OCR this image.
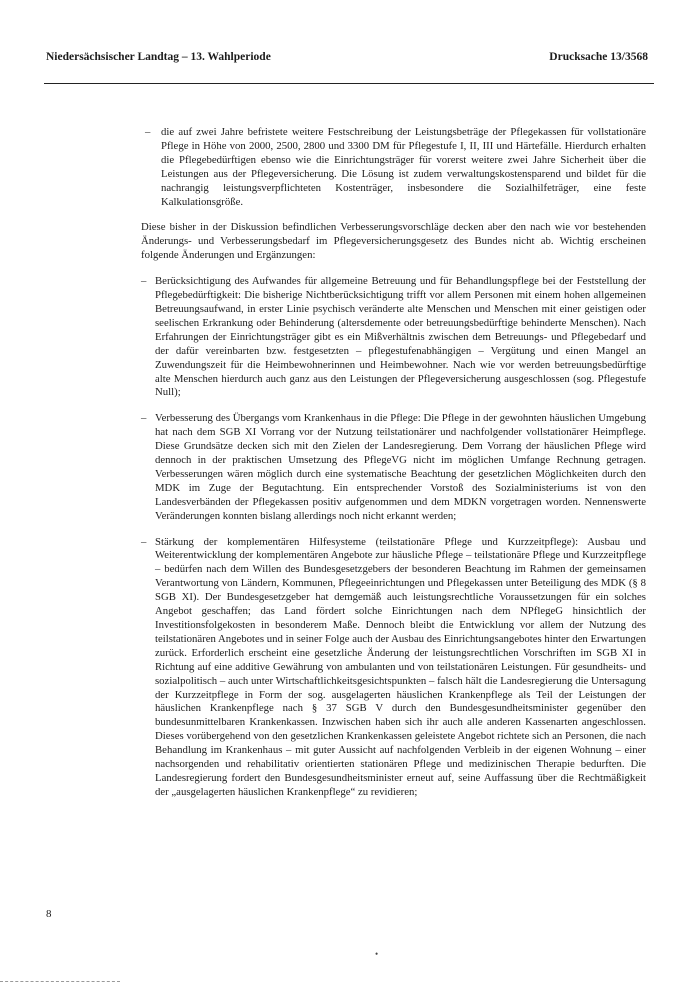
Niedersächsischer Landtag – 13. Wahlperiode	Drucksache 13/3568
– die auf zwei Jahre befristete weitere Festschreibung der Leistungsbeträge der Pflegekassen für vollstationäre Pflege in Höhe von 2000, 2500, 2800 und 3300 DM für Pflegestufe I, II, III und Härtefälle. Hierdurch erhalten die Pflegebedürftigen ebenso wie die Einrichtungsträger für vorerst weitere zwei Jahre Sicherheit über die Leistungen aus der Pflegeversicherung. Die Lösung ist zudem verwaltungskostensparend und bildet für die nachrangig leistungsverpflichteten Kostenträger, insbesondere die Sozialhilfeträger, eine feste Kalkulationsgröße.

Diese bisher in der Diskussion befindlichen Verbesserungsvorschläge decken aber den nach wie vor bestehenden Änderungs- und Verbesserungsbedarf im Pflegeversicherungsgesetz des Bundes nicht ab. Wichtig erscheinen folgende Änderungen und Ergänzungen:

– Berücksichtigung des Aufwandes für allgemeine Betreuung und für Behandlungspflege bei der Feststellung der Pflegebedürftigkeit: Die bisherige Nichtberücksichtigung trifft vor allem Personen mit einem hohen allgemeinen Betreuungsaufwand, in erster Linie psychisch veränderte alte Menschen und Menschen mit einer geistigen oder seelischen Erkrankung oder Behinderung (altersdemente oder betreuungsbedürftige behinderte Menschen). Nach Erfahrungen der Einrichtungsträger gibt es ein Mißverhältnis zwischen dem Betreuungs- und Pflegebedarf und der dafür vereinbarten bzw. festgesetzten – pflegestufenabhängigen – Vergütung und einen Mangel an Zuwendungszeit für die Heimbewohnerinnen und Heimbewohner. Nach wie vor werden betreuungsbedürftige alte Menschen hierdurch auch ganz aus den Leistungen der Pflegeversicherung ausgeschlossen (sog. Pflegestufe Null);
– Verbesserung des Übergangs vom Krankenhaus in die Pflege: Die Pflege in der gewohnten häuslichen Umgebung hat nach dem SGB XI Vorrang vor der Nutzung teilstationärer und nachfolgender vollstationärer Heimpflege. Diese Grundsätze decken sich mit den Zielen der Landesregierung. Dem Vorrang der häuslichen Pflege wird dennoch in der praktischen Umsetzung des PflegeVG nicht im möglichen Umfange Rechnung getragen. Verbesserungen wären möglich durch eine systematische Beachtung der gesetzlichen Möglichkeiten durch den MDK im Zuge der Begutachtung. Ein entsprechender Vorstoß des Sozialministeriums ist von den Landesverbänden der Pflegekassen positiv aufgenommen und dem MDKN vorgetragen worden. Nennenswerte Veränderungen konnten bislang allerdings noch nicht erkannt werden;
– Stärkung der komplementären Hilfesysteme (teilstationäre Pflege und Kurzzeitpflege): Ausbau und Weiterentwicklung der komplementären Angebote zur häusliche Pflege – teilstationäre Pflege und Kurzzeitpflege – bedürfen nach dem Willen des Bundesgesetzgebers der besonderen Beachtung im Rahmen der gemeinsamen Verantwortung von Ländern, Kommunen, Pflegeeinrichtungen und Pflegekassen unter Beteiligung des MDK (§ 8 SGB XI). Der Bundesgesetzgeber hat demgemäß auch leistungsrechtliche Voraussetzungen für ein solches Angebot geschaffen; das Land fördert solche Einrichtungen nach dem NPflegeG hinsichtlich der Investitionsfolgekosten in besonderem Maße. Dennoch bleibt die Entwicklung vor allem der Nutzung des teilstationären Angebotes und in seiner Folge auch der Ausbau des Einrichtungsangebotes hinter den Erwartungen zurück. Erforderlich erscheint eine gesetzliche Änderung der leistungsrechtlichen Vorschriften im SGB XI in Richtung auf eine additive Gewährung von ambulanten und von teilstationären Leistungen. Für gesundheits- und sozialpolitisch – auch unter Wirtschaftlichkeitsgesichtspunkten – falsch hält die Landesregierung die Untersagung der Kurzzeitpflege in Form der sog. ausgelagerten häuslichen Krankenpflege als Teil der Leistungen der häuslichen Krankenpflege nach § 37 SGB V durch den Bundesgesundheitsminister gegenüber den bundesunmittelbaren Krankenkassen. Inzwischen haben sich ihr auch alle anderen Kassenarten angeschlossen. Dieses vorübergehend von den gesetzlichen Krankenkassen geleistete Angebot richtete sich an Personen, die nach Behandlung im Krankenhaus – mit guter Aussicht auf nachfolgenden Verbleib in der eigenen Wohnung – einer nachsorgenden und rehabilitativ orientierten stationären Pflege und medizinischen Therapie bedurften. Die Landesregierung fordert den Bundesgesundheitsminister erneut auf, seine Auffassung über die Rechtmäßigkeit der „ausgelagerten häuslichen Krankenpflege“ zu revidieren;
8
•
